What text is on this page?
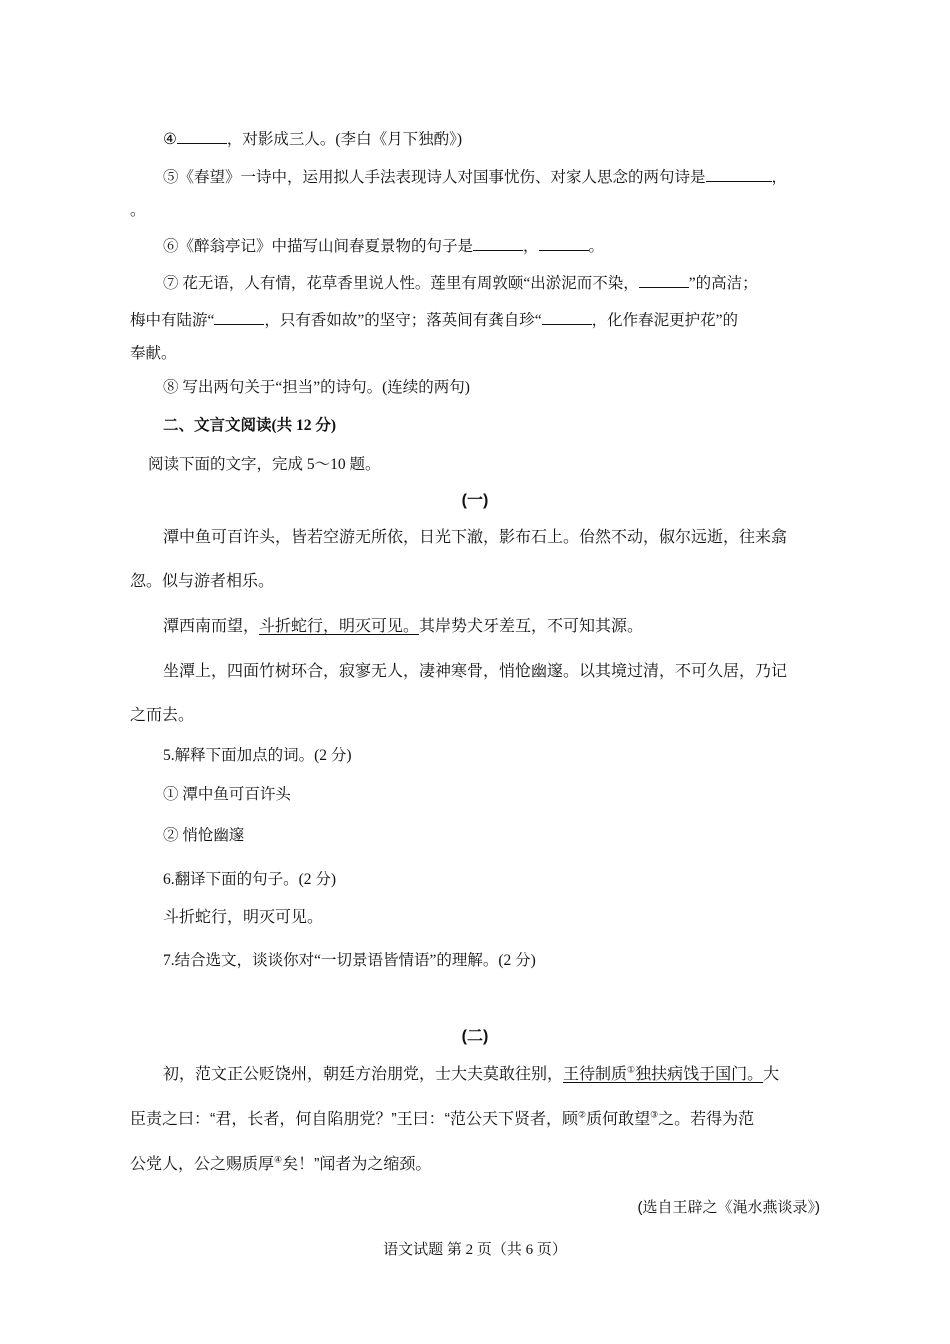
④	，对影成三人。(李白《月下独酌》)
⑤《春望》一诗中，运用拟人手法表现诗人对国事忧伤、对家人思念的两句诗是	，
。
⑥《醉翁亭记》中描写山间春夏景物的句子是	，	。
⑦ 花无语，人有情，花草香里说人性。莲里有周敦颐“出淤泥而不染，	”的高洁；
梅中有陆游“	，只有香如故”的坚守；落英间有龚自珍“	，化作春泥更护花”的
奉献。
⑧ 写出两句关于“担当”的诗句。(连续的两句)
二、文言文阅读(共 12 分)
阅读下面的文字，完成 5～10 题。
(一)
潭中鱼可百许头，皆若空游无所依，日光下澈，影布石上。佁然不动，俶尔远逝，往来翕
忽。似与游者相乐。
潭西南而望，斗折蛇行，明灭可见。其岸势犬牙差互，不可知其源。
坐潭上，四面竹树环合，寂寥无人，凄神寒骨，悄怆幽邃。以其境过清，不可久居，乃记
之而去。
5.解释下面加点的词。(2 分)
① 潭中鱼可百许头
② 悄怆幽邃
6.翻译下面的句子。(2 分)
斗折蛇行，明灭可见。
7.结合选文，谈谈你对“一切景语皆情语”的理解。(2 分)
(二)
初，范文正公贬饶州，朝廷方治朋党，士大夫莫敢往别，王待制质①独扶病饯于国门。大
臣责之曰：“君，长者，何自陷朋党？”王曰：“范公天下贤者，顾②质何敢望③之。若得为范
公党人，公之赐质厚④矣！”闻者为之缩颈。
(选自王辟之《渑水燕谈录》)
语文试题 第 2 页（共 6 页）
